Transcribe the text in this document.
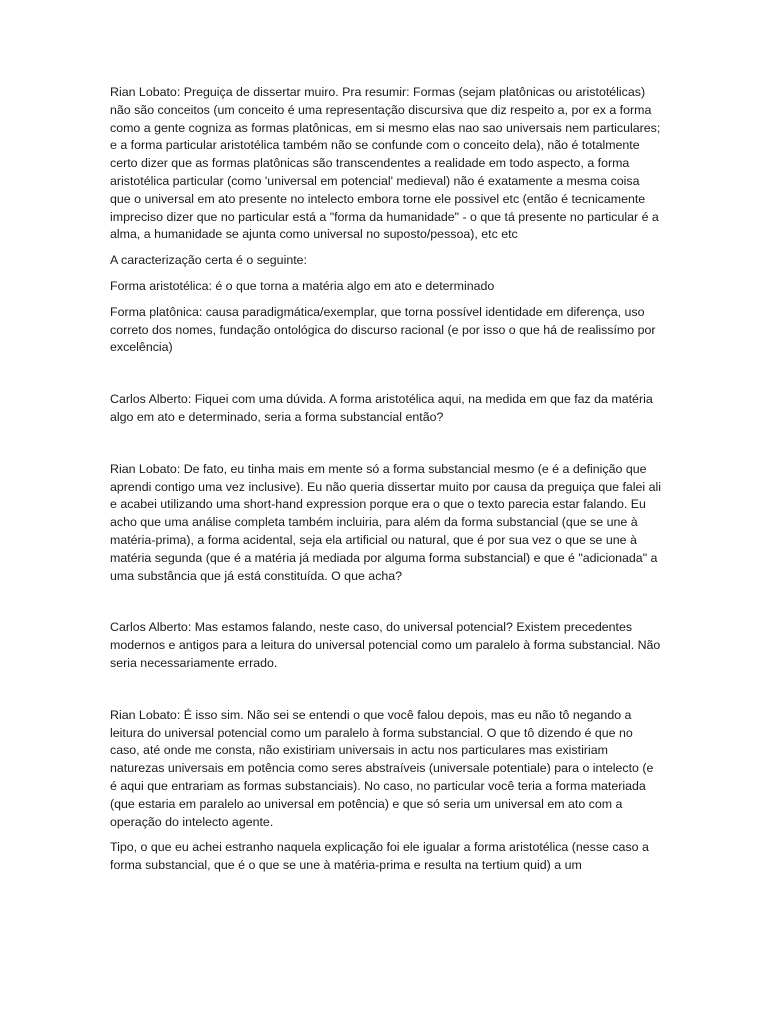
Rian Lobato: Preguiça de dissertar muiro. Pra resumir: Formas (sejam platônicas ou aristotélicas) não são conceitos (um conceito é uma representação discursiva que diz respeito a, por ex a forma como a gente cogniza as formas platônicas, em si mesmo elas nao sao universais nem particulares; e a forma particular aristotélica também não se confunde com o conceito dela), não é totalmente certo dizer que as formas platônicas são transcendentes a realidade em todo aspecto, a forma aristotélica particular (como 'universal em potencial' medieval) não é exatamente a mesma coisa que o universal em ato presente no intelecto embora torne ele possivel etc (então é tecnicamente impreciso dizer que no particular está a "forma da humanidade" - o que tá presente no particular é a alma, a humanidade se ajunta como universal no suposto/pessoa), etc etc

A caracterização certa é o seguinte:

Forma aristotélica: é o que torna a matéria algo em ato e determinado

Forma platônica: causa paradigmática/exemplar, que torna possível identidade em diferença, uso correto dos nomes, fundação ontológica do discurso racional (e por isso o que há de realissímo por excelência)

Carlos Alberto: Fiquei com uma dúvida. A forma aristotélica aqui, na medida em que faz da matéria algo em ato e determinado, seria a forma substancial então?

Rian Lobato: De fato, eu tinha mais em mente só a forma substancial mesmo (e é a definição que aprendi contigo uma vez inclusive). Eu não queria dissertar muito por causa da preguiça que falei ali e acabei utilizando uma short-hand expression porque era o que o texto parecia estar falando. Eu acho que uma análise completa também incluiria, para além da forma substancial (que se une à matéria-prima), a forma acidental, seja ela artificial ou natural, que é por sua vez o que se une à matéria segunda (que é a matéria já mediada por alguma forma substancial) e que é "adicionada" a uma substância que já está constituída. O que acha?

Carlos Alberto: Mas estamos falando, neste caso, do universal potencial? Existem precedentes modernos e antigos para a leitura do universal potencial como um paralelo à forma substancial. Não seria necessariamente errado.

Rian Lobato: É isso sim. Não sei se entendi o que você falou depois, mas eu não tô negando a leitura do universal potencial como um paralelo à forma substancial. O que tô dizendo é que no caso, até onde me consta, não existiriam universais in actu nos particulares mas existiriam naturezas universais em potência como seres abstraíveis (universale potentiale) para o intelecto (e é aqui que entrariam as formas substanciais). No caso, no particular você teria a forma materiada (que estaria em paralelo ao universal em potência) e que só seria um universal em ato com a operação do intelecto agente.

Tipo, o que eu achei estranho naquela explicação foi ele igualar a forma aristotélica (nesse caso a forma substancial, que é o que se une à matéria-prima e resulta na tertium quid) a um
